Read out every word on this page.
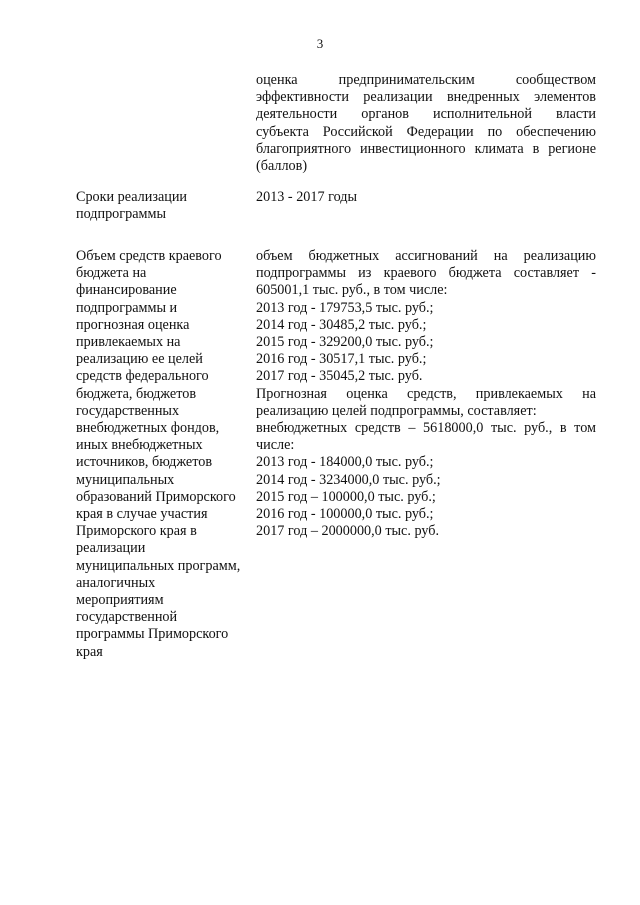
3
оценка предпринимательским сообществом
эффективности реализации внедренных элементов
деятельности органов исполнительной власти
субъекта Российской Федерации по обеспечению
благоприятного инвестиционного климата в регионе
(баллов)
Сроки реализации
подпрограммы
2013 - 2017 годы
Объем средств краевого
бюджета на
финансирование
подпрограммы и
прогнозная оценка
привлекаемых на
реализацию ее целей
средств федерального
бюджета, бюджетов
государственных
внебюджетных фондов,
иных внебюджетных
источников, бюджетов
муниципальных
образований Приморского
края в случае участия
Приморского края в
реализации
муниципальных программ,
аналогичных
мероприятиям
государственной
программы Приморского
края
объем бюджетных ассигнований на реализацию
подпрограммы из краевого бюджета составляет -
605001,1 тыс. руб., в том числе:
2013 год - 179753,5 тыс. руб.;
2014 год - 30485,2 тыс. руб.;
2015 год - 329200,0 тыс. руб.;
2016 год - 30517,1 тыс. руб.;
2017 год - 35045,2 тыс. руб.
Прогнозная оценка средств, привлекаемых на
реализацию целей подпрограммы, составляет:
внебюджетных средств – 5618000,0 тыс. руб., в том
числе:
2013 год - 184000,0 тыс. руб.;
2014 год - 3234000,0 тыс. руб.;
2015 год – 100000,0 тыс. руб.;
2016 год - 100000,0 тыс. руб.;
2017 год – 2000000,0 тыс. руб.
